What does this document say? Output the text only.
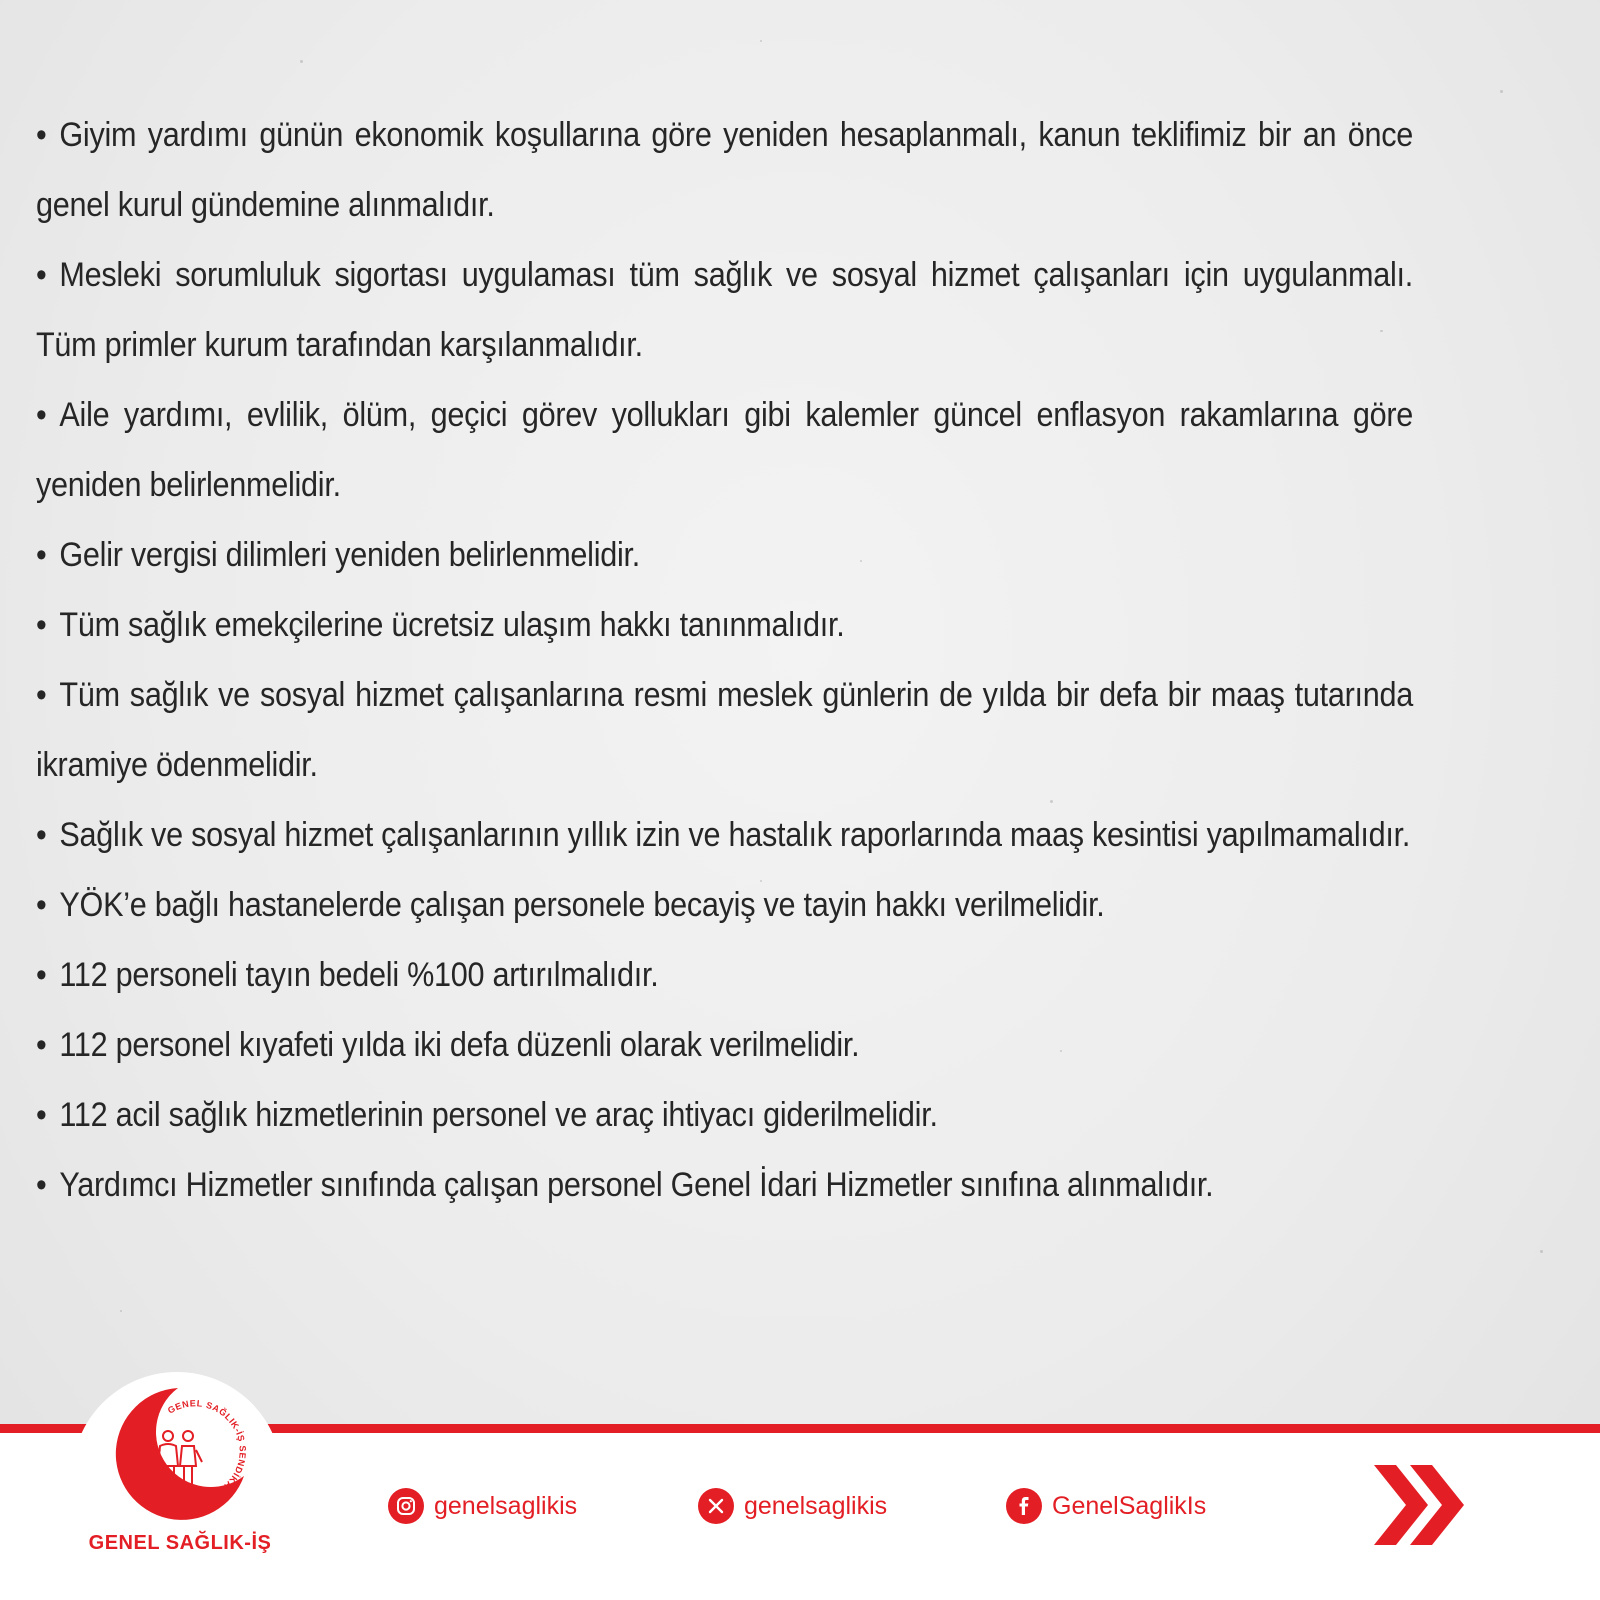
• Giyim yardımı günün ekonomik koşullarına göre yeniden hesaplanmalı, kanun teklifimiz bir an önce genel kurul gündemine alınmalıdır.

• Mesleki sorumluluk sigortası uygulaması tüm sağlık ve sosyal hizmet çalışanları için uygulanmalı. Tüm primler kurum tarafından karşılanmalıdır.

• Aile yardımı, evlilik, ölüm, geçici görev yollukları gibi kalemler güncel enflasyon rakamlarına göre yeniden belirlenmelidir.

• Gelir vergisi dilimleri yeniden belirlenmelidir.

• Tüm sağlık emekçilerine ücretsiz ulaşım hakkı tanınmalıdır.

• Tüm sağlık ve sosyal hizmet çalışanlarına resmi meslek günlerin de yılda bir defa bir maaş tutarında ikramiye ödenmelidir.

• Sağlık ve sosyal hizmet çalışanlarının yıllık izin ve hastalık raporlarında maaş kesintisi yapılmamalıdır.

• YÖK’e bağlı hastanelerde çalışan personele becayiş ve tayin hakkı verilmelidir.

• 112 personeli tayın bedeli %100 artırılmalıdır.

• 112 personel kıyafeti yılda iki defa düzenli olarak verilmelidir.

• 112 acil sağlık hizmetlerinin personel ve araç ihtiyacı giderilmelidir.

• Yardımcı Hizmetler sınıfında çalışan personel Genel İdari Hizmetler sınıfına alınmalıdır.

GENEL SAĞLIK-İŞ SENDİKAS
GENEL SAĞLIK-İŞ
genelsaglikis	genelsaglikis	GenelSaglikIs
